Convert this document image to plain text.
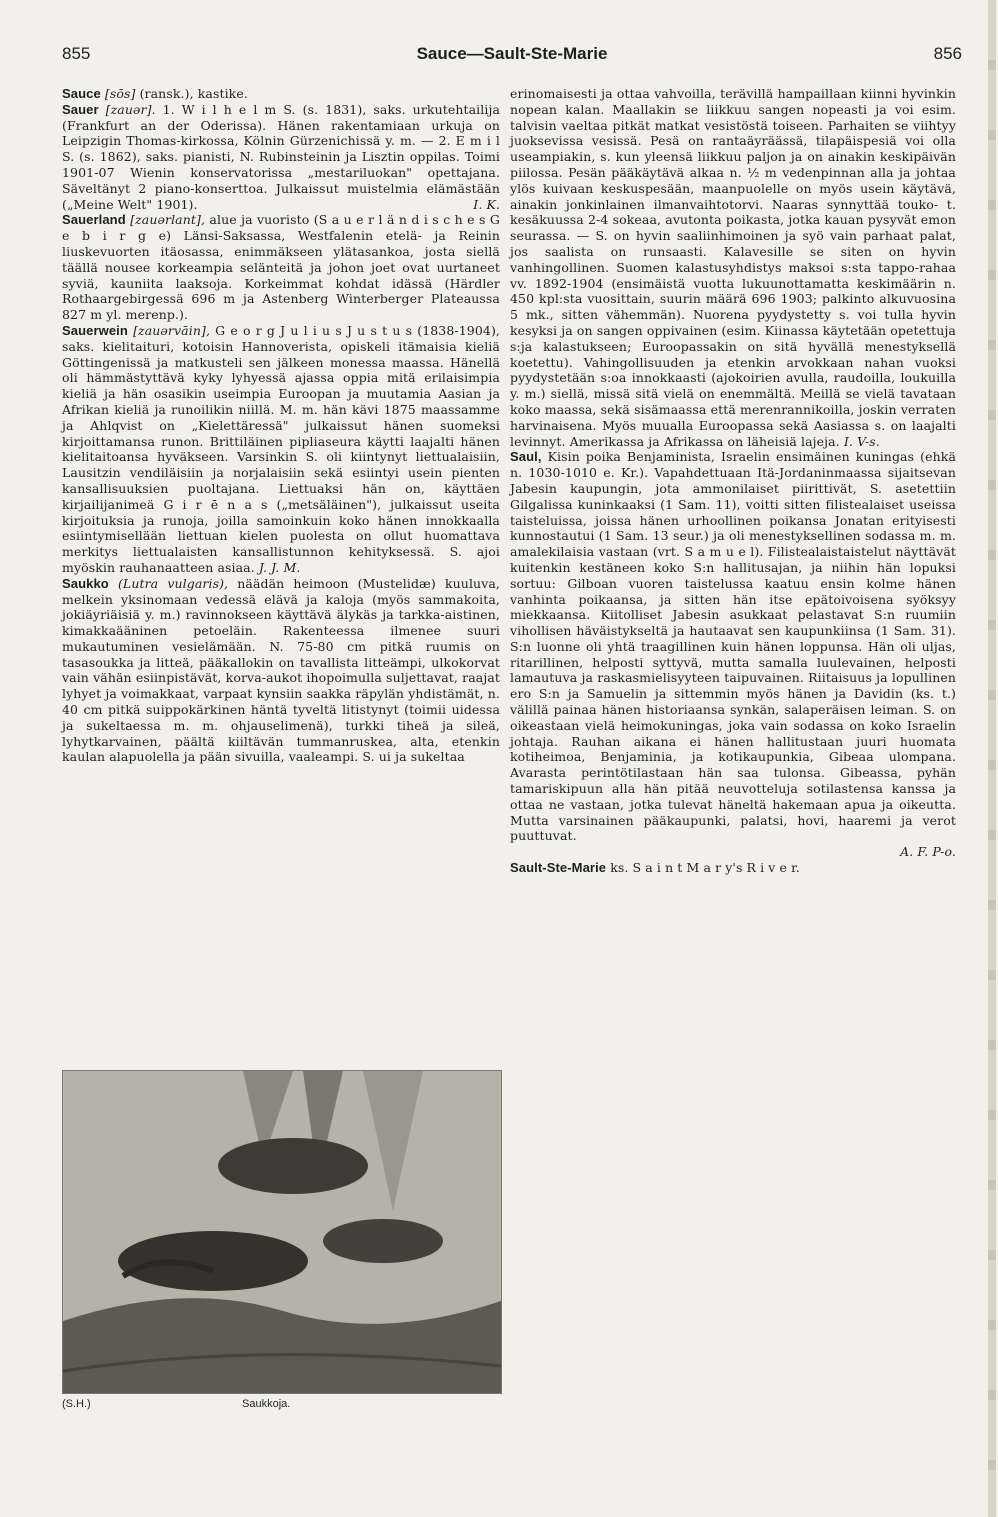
855	Sauce—Sault-Ste-Marie	856

Sauce [sōs] (ransk.), kastike.

Sauer [zauər]. 1. W i l h e l m S. (s. 1831), saks. urkutehtailija (Frankfurt an der Oderissa). Hänen rakentamiaan urkuja on Leipzigin Thomas-kirkossa, Kölnin Gürzenichissä y. m. — 2. E m i l S. (s. 1862), saks. pianisti, N. Rubinsteinin ja Lisztin oppilas. Toimi 1901-07 Wienin konservatorissa „mestariluokan" opettajana. Säveltänyt 2 piano-konserttoa. Julkaissut muistelmia elämästään („Meine Welt" 1901).	I. K.

Sauerland [zauərlant], alue ja vuoristo (S a u e r l ä n d i s c h e s G e b i r g e) Länsi-Saksassa, Westfalenin etelä- ja Reinin liuskevuorten itäosassa, enimmäkseen ylätasankoa, josta siellä täällä nousee korkeampia selänteitä ja johon joet ovat uurtaneet syviä, kauniita laaksoja. Korkeimmat kohdat idässä (Härdler Rothaargebirgessä 696 m ja Astenberg Winterberger Plateaussa 827 m yl. merenp.).

Sauerwein [zauərvāin], G e o r g J u l i u s J u s t u s (1838-1904), saks. kielitaituri, kotoisin Hannoverista, opiskeli itämaisia kieliä Göttingenissä ja matkusteli sen jälkeen monessa maassa. Hänellä oli hämmästyttävä kyky lyhyessä ajassa oppia mitä erilaisimpia kieliä ja hän osasikin useimpia Euroopan ja muutamia Aasian ja Afrikan kieliä ja runoilikin niillä. M. m. hän kävi 1875 maassamme ja Ahlqvist on „Kielettäressä" julkaissut hänen suomeksi kirjoittamansa runon. Brittiläinen pipliaseura käytti laajalti hänen kielitaitoansa hyväkseen. Varsinkin S. oli kiintynyt liettualaisiin, Lausitzin vendiläisiin ja norjalaisiin sekä esiintyi usein pienten kansallisuuksien puoltajana. Liettuaksi hän on, käyttäen kirjailijanimeä G i r ē n a s („metsäläinen"), julkaissut useita kirjoituksia ja runoja, joilla samoinkuin koko hänen innokkaalla esiintymisellään liettuan kielen puolesta on ollut huomattava merkitys liettualaisten kansallistunnon kehityksessä. S. ajoi myöskin rauhanaatteen asiaa. J. J. M.

Saukko (Lutra vulgaris), näädän heimoon (Mustelidæ) kuuluva, melkein yksinomaan vedessä elävä ja kaloja (myös sammakoita, jokiäyriäisiä y. m.) ravinnokseen käyttävä älykäs ja tarkka-aistinen, kimakkaääninen petoeläin. Rakenteessa ilmenee suuri mukautuminen vesielämään. N. 75-80 cm pitkä ruumis on tasasoukka ja litteä, pääkallokin on tavallista litteämpi, ulkokorvat vain vähän esiinpistävät, korva-aukot ihopoimulla suljettavat, raajat lyhyet ja voimakkaat, varpaat kynsiin saakka räpylän yhdistämät, n. 40 cm pitkä suippokärkinen häntä tyveltä litistynyt (toimii uidessa ja sukeltaessa m. m. ohjauselimenä), turkki tiheä ja sileä, lyhytkarvainen, päältä kiiltävän tummanruskea, alta, etenkin kaulan alapuolella ja pään sivuilla, vaaleampi. S. ui ja sukeltaa

(S.H.)	Saukkoja.

erinomaisesti ja ottaa vahvoilla, terävillä hampaillaan kiinni hyvinkin nopean kalan. Maallakin se liikkuu sangen nopeasti ja voi esim. talvisin vaeltaa pitkät matkat vesistöstä toiseen. Parhaiten se viihtyy juoksevissa vesissä. Pesä on rantaäyräässä, tilapäispesiä voi olla useampiakin, s. kun yleensä liikkuu paljon ja on ainakin keskipäivän piilossa. Pesän pääkäytävä alkaa n. ½ m vedenpinnan alla ja johtaa ylös kuivaan keskuspesään, maanpuolelle on myös usein käytävä, ainakin jonkinlainen ilmanvaihtotorvi. Naaras synnyttää touko- t. kesäkuussa 2-4 sokeaa, avutonta poikasta, jotka kauan pysyvät emon seurassa. — S. on hyvin saaliinhimoinen ja syö vain parhaat palat, jos saalista on runsaasti. Kalavesille se siten on hyvin vanhingollinen. Suomen kalastusyhdistys maksoi s:sta tappo-rahaa vv. 1892-1904 (ensimäistä vuotta lukuunottamatta keskimäärin n. 450 kpl:sta vuosittain, suurin määrä 696 1903; palkinto alkuvuosina 5 mk., sitten vähemmän). Nuorena pyydystetty s. voi tulla hyvin kesyksi ja on sangen oppivainen (esim. Kiinassa käytetään opetettuja s:ja kalastukseen; Euroopassakin on sitä hyvällä menestyksellä koetettu). Vahingollisuuden ja etenkin arvokkaan nahan vuoksi pyydystetään s:oa innokkaasti (ajokoirien avulla, raudoilla, loukuilla y. m.) siellä, missä sitä vielä on enemmältä. Meillä se vielä tavataan koko maassa, sekä sisämaassa että merenrannikoilla, joskin verraten harvinaisena. Myös muualla Euroopassa sekä Aasiassa s. on laajalti levinnyt. Amerikassa ja Afrikassa on läheisiä lajeja. I. V-s.

Saul, Kisin poika Benjaminista, Israelin ensimäinen kuningas (ehkä n. 1030-1010 e. Kr.). Vapahdettuaan Itä-Jordaninmaassa sijaitsevan Jabesin kaupungin, jota ammonilaiset piirittivät, S. asetettiin Gilgalissa kuninkaaksi (1 Sam. 11), voitti sitten filistealaiset useissa taisteluissa, joissa hänen urhoollinen poikansa Jonatan erityisesti kunnostautui (1 Sam. 13 seur.) ja oli menestyksellinen sodassa m. m. amalekilaisia vastaan (vrt. S a m u e l). Filistealaistaistelut näyttävät kuitenkin kestäneen koko S:n hallitusajan, ja niihin hän lopuksi sortuu: Gilboan vuoren taistelussa kaatuu ensin kolme hänen vanhinta poikaansa, ja sitten hän itse epätoivoisena syöksyy miekkaansa. Kiitolliset Jabesin asukkaat pelastavat S:n ruumiin vihollisen häväistykseltä ja hautaavat sen kaupunkiinsa (1 Sam. 31). S:n luonne oli yhtä traagillinen kuin hänen loppunsa. Hän oli uljas, ritarillinen, helposti syttyvä, mutta samalla luulevainen, helposti lamautuva ja raskasmielisyyteen taipuvainen. Riitaisuus ja lopullinen ero S:n ja Samuelin ja sittemmin myös hänen ja Davidin (ks. t.) välillä painaa hänen historiaansa synkän, salaperäisen leiman. S. on oikeastaan vielä heimokuningas, joka vain sodassa on koko Israelin johtaja. Rauhan aikana ei hänen hallitustaan juuri huomata kotiheimoa, Benjaminia, ja kotikaupunkia, Gibeaa ulompana. Avarasta perintötilastaan hän saa tulonsa. Gibeassa, pyhän tamariskipuun alla hän pitää neuvotteluja sotilastensa kanssa ja ottaa ne vastaan, jotka tulevat häneltä hakemaan apua ja oikeutta. Mutta varsinainen pääkaupunki, palatsi, hovi, haaremi ja verot puuttuvat.
A. F. P-o.

Sault-Ste-Marie ks. S a i n t M a r y's R i v e r.
